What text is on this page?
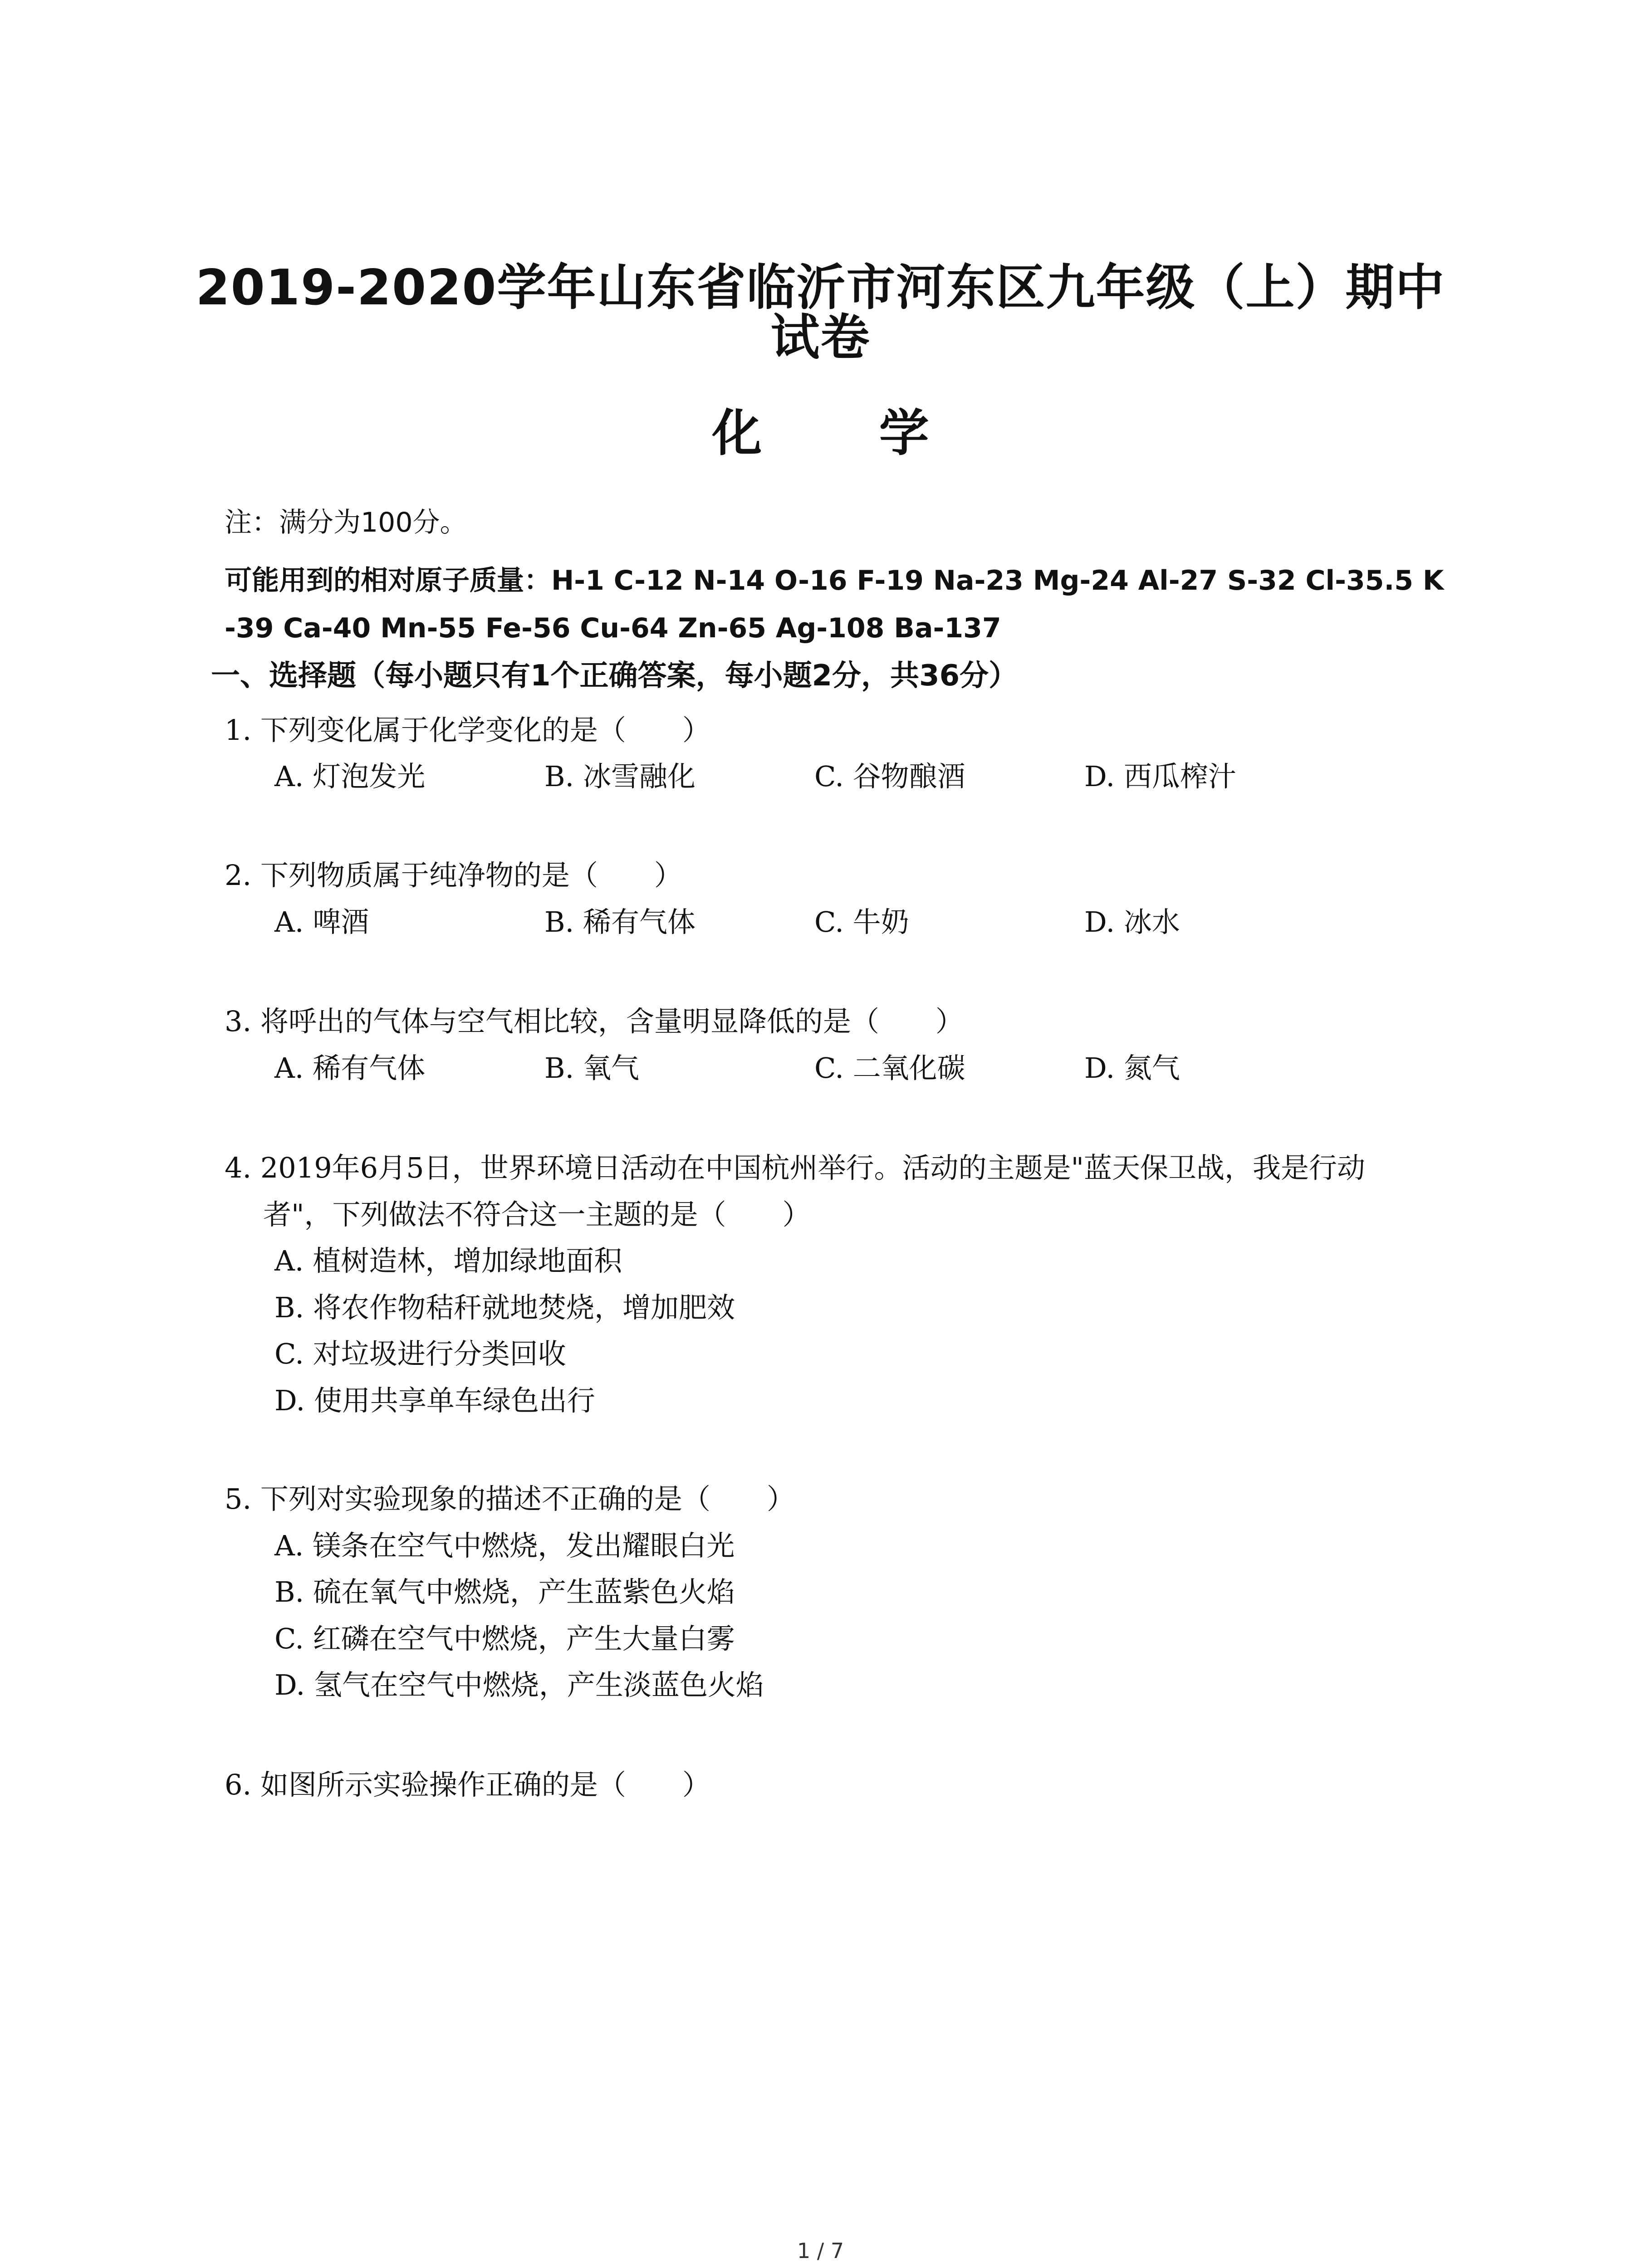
2019-2020学年山东省临沂市河东区九年级（上）期中
试卷
化 学
注：满分为100分。
可能用到的相对原子质量：H-1 C-12 N-14 O-16 F-19 Na-23 Mg-24 Al-27 S-32 Cl-35.5 K
-39 Ca-40 Mn-55 Fe-56 Cu-64 Zn-65 Ag-108 Ba-137
一、选择题（每小题只有1个正确答案，每小题2分，共36分）
1. 下列变化属于化学变化的是（　　）
A. 灯泡发光	B. 冰雪融化	C. 谷物酿酒	D. 西瓜榨汁
2. 下列物质属于纯净物的是（　　）
A. 啤酒	B. 稀有气体	C. 牛奶	D. 冰水
3. 将呼出的气体与空气相比较，含量明显降低的是（　　）
A. 稀有气体	B. 氧气	C. 二氧化碳	D. 氮气
4. 2019年6月5日，世界环境日活动在中国杭州举行。活动的主题是"蓝天保卫战，我是行动
者"，下列做法不符合这一主题的是（　　）
A. 植树造林，增加绿地面积
B. 将农作物秸秆就地焚烧，增加肥效
C. 对垃圾进行分类回收
D. 使用共享单车绿色出行
5. 下列对实验现象的描述不正确的是（　　）
A. 镁条在空气中燃烧，发出耀眼白光
B. 硫在氧气中燃烧，产生蓝紫色火焰
C. 红磷在空气中燃烧，产生大量白雾
D. 氢气在空气中燃烧，产生淡蓝色火焰
6. 如图所示实验操作正确的是（　　）
1 / 7
